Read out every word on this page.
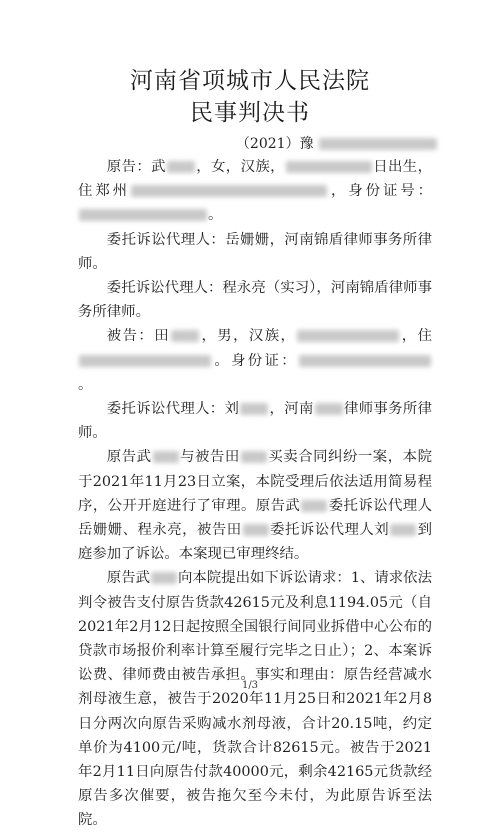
河南省项城市人民法院
民事判决书
（2021）豫

原告：武 ，女，汉族，	日出生，住郑州	，身份证号：。

委托诉讼代理人：岳姗姗，河南锦盾律师事务所律师。

委托诉讼代理人：程永亮（实习），河南锦盾律师事务所律师。

被告：田 ，男，汉族，	，住。身份证：。

委托诉讼代理人：刘 ，河南 律师事务所律师。

原告武 与被告田 买卖合同纠纷一案，本院于2021年11月23日立案，本院受理后依法适用简易程序，公开开庭进行了审理。原告武 委托诉讼代理人岳姗姗、程永亮，被告田 委托诉讼代理人刘 到庭参加了诉讼。本案现已审理终结。

原告武 向本院提出如下诉讼请求：1、请求依法判令被告支付原告货款42615元及利息1194.05元（自2021年2月12日起按照全国银行间同业拆借中心公布的贷款市场报价利率计算至履行完毕之日止）；2、本案诉讼费、律师费由被告承担。事实和理由：原告经营减水剂母液生意，被告于2020年11月25日和2021年2月8日分两次向原告采购减水剂母液，合计20.15吨，约定单价为4100元/吨，货款合计82615元。被告于2021年2月11日向原告付款40000元，剩余42165元货款经原告多次催要，被告拖欠至今未付，为此原告诉至法院。

1/3
